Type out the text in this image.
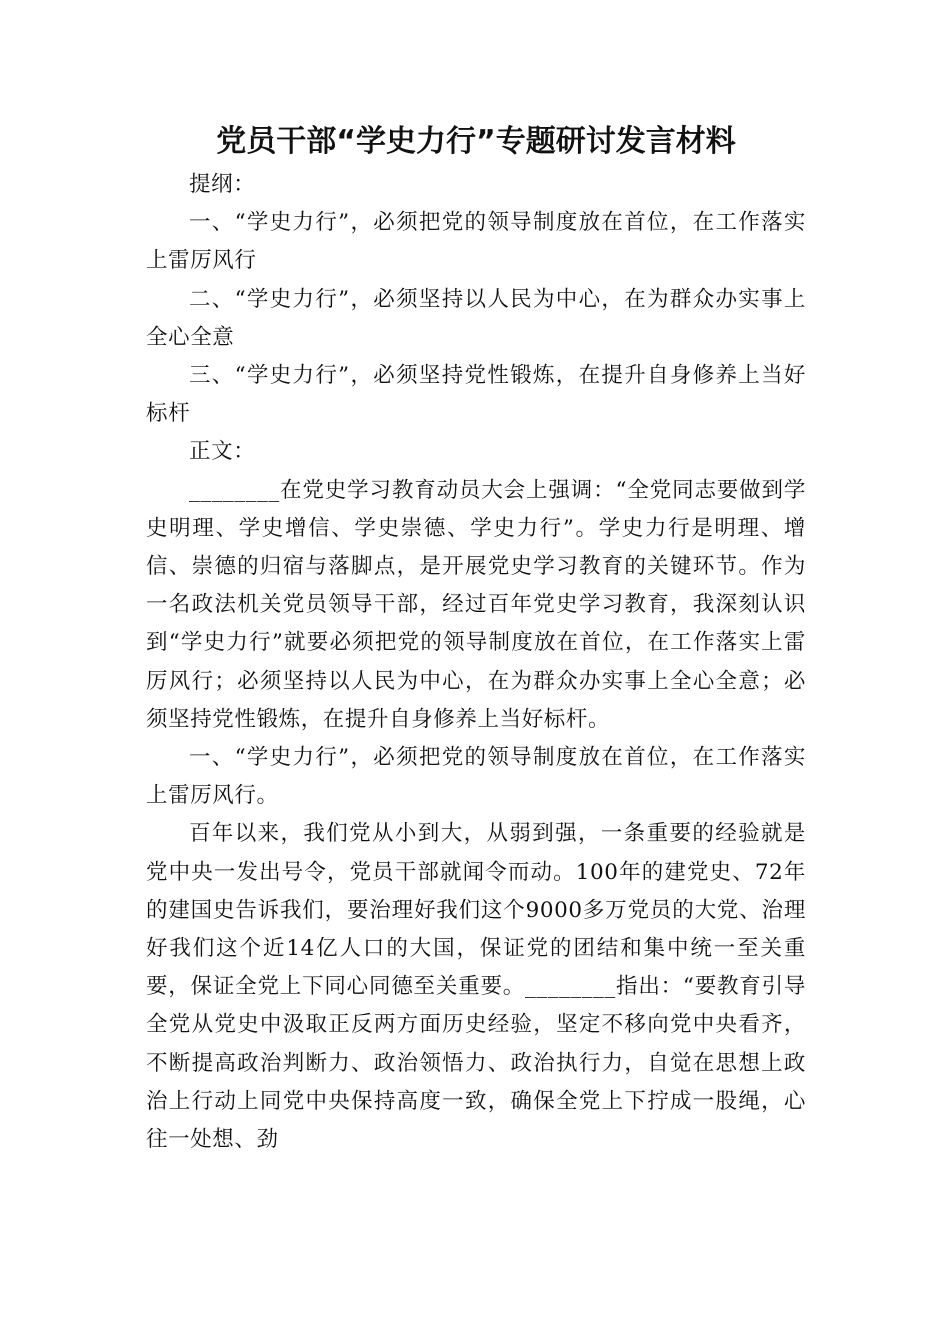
党员干部“学史力行”专题研讨发言材料

提纲：

一、“学史力行”，必须把党的领导制度放在首位，在工作落实上雷厉风行

二、“学史力行”，必须坚持以人民为中心，在为群众办实事上全心全意

三、“学史力行”，必须坚持党性锻炼，在提升自身修养上当好标杆

正文：

________在党史学习教育动员大会上强调：“全党同志要做到学史明理、学史增信、学史崇德、学史力行”。学史力行是明理、增信、崇德的归宿与落脚点，是开展党史学习教育的关键环节。作为一名政法机关党员领导干部，经过百年党史学习教育，我深刻认识到“学史力行”就要必须把党的领导制度放在首位，在工作落实上雷厉风行；必须坚持以人民为中心，在为群众办实事上全心全意；必须坚持党性锻炼，在提升自身修养上当好标杆。

一、“学史力行”，必须把党的领导制度放在首位，在工作落实上雷厉风行。

百年以来，我们党从小到大，从弱到强，一条重要的经验就是党中央一发出号令，党员干部就闻令而动。100年的建党史、72年的建国史告诉我们，要治理好我们这个9000多万党员的大党、治理好我们这个近14亿人口的大国，保证党的团结和集中统一至关重要，保证全党上下同心同德至关重要。________指出：“要教育引导全党从党史中汲取正反两方面历史经验，坚定不移向党中央看齐，不断提高政治判断力、政治领悟力、政治执行力，自觉在思想上政治上行动上同党中央保持高度一致，确保全党上下拧成一股绳，心往一处想、劲
